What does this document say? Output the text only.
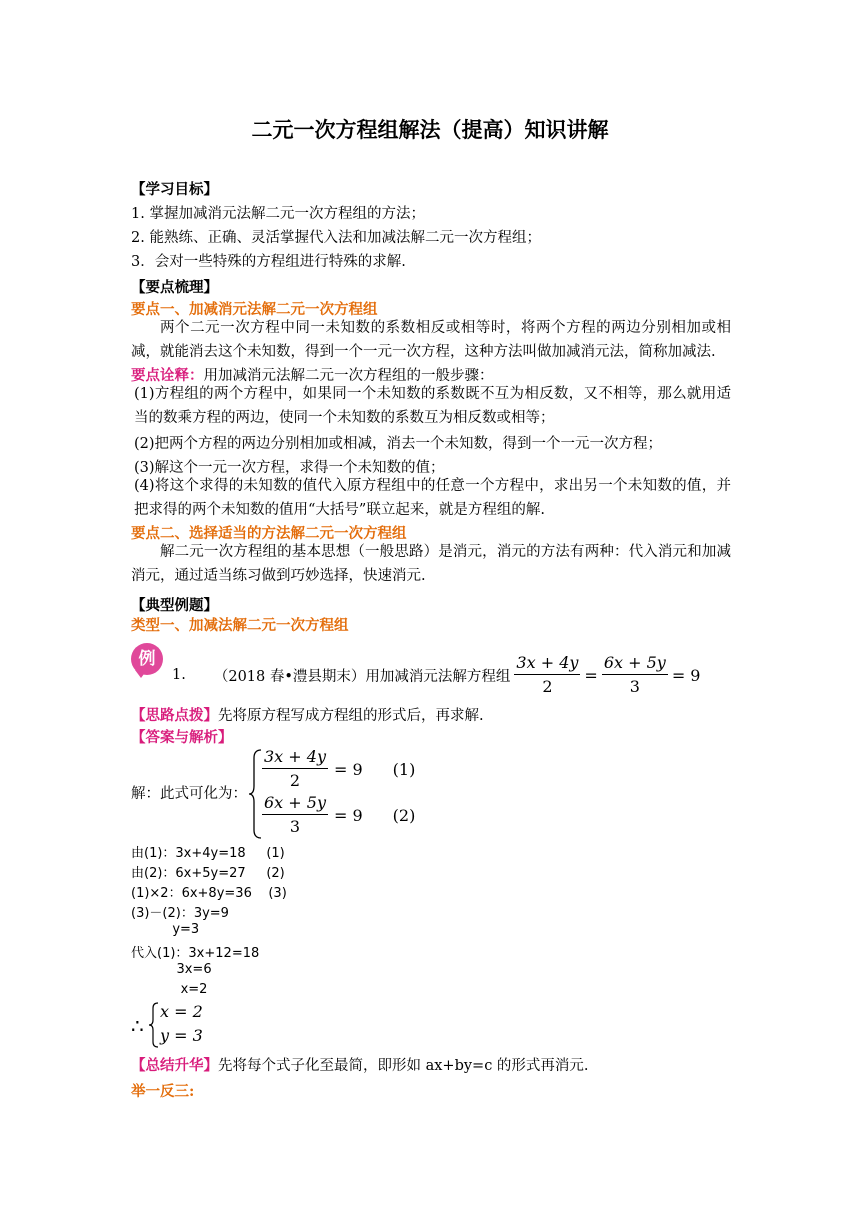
二元一次方程组解法（提高）知识讲解
【学习目标】
1. 掌握加减消元法解二元一次方程组的方法；
2. 能熟练、正确、灵活掌握代入法和加减法解二元一次方程组；
3．会对一些特殊的方程组进行特殊的求解.
【要点梳理】
要点一、加减消元法解二元一次方程组
两个二元一次方程中同一未知数的系数相反或相等时，将两个方程的两边分别相加或相减，就能消去这个未知数，得到一个一元一次方程，这种方法叫做加减消元法，简称加减法.
要点诠释：用加减消元法解二元一次方程组的一般步骤：
(1)方程组的两个方程中，如果同一个未知数的系数既不互为相反数，又不相等，那么就用适当的数乘方程的两边，使同一个未知数的系数互为相反数或相等；
(2)把两个方程的两边分别相加或相减，消去一个未知数，得到一个一元一次方程；
(3)解这个一元一次方程，求得一个未知数的值；
(4)将这个求得的未知数的值代入原方程组中的任意一个方程中，求出另一个未知数的值，并把求得的两个未知数的值用“大括号”联立起来，就是方程组的解.
要点二、选择适当的方法解二元一次方程组
解二元一次方程组的基本思想（一般思路）是消元，消元的方法有两种：代入消元和加减消元，通过适当练习做到巧妙选择，快速消元.
【典型例题】
类型一、加减法解二元一次方程组
例
1. （2018 春•澧县期末）用加减消元法解方程组 $\frac{3x + 4y}{2} = \frac{6x + 5y}{3} = 9$
【思路点拨】先将原方程写成方程组的形式后，再求解.
【答案与解析】
解：此式可化为：
$\frac{3x + 4y}{2} = 9$ (1)
$\frac{6x + 5y}{3} = 9$ (2)
由(1)：3x+4y=18     (1)
由(2)：6x+5y=27     (2)
(1)×2：6x+8y=36    (3)
(3)－(2)：3y=9
y=3
代入(1)：3x+12=18
3x=6
x=2
∴
x = 2
y = 3
【总结升华】先将每个式子化至最简，即形如 ax+by=c 的形式再消元.
举一反三:
